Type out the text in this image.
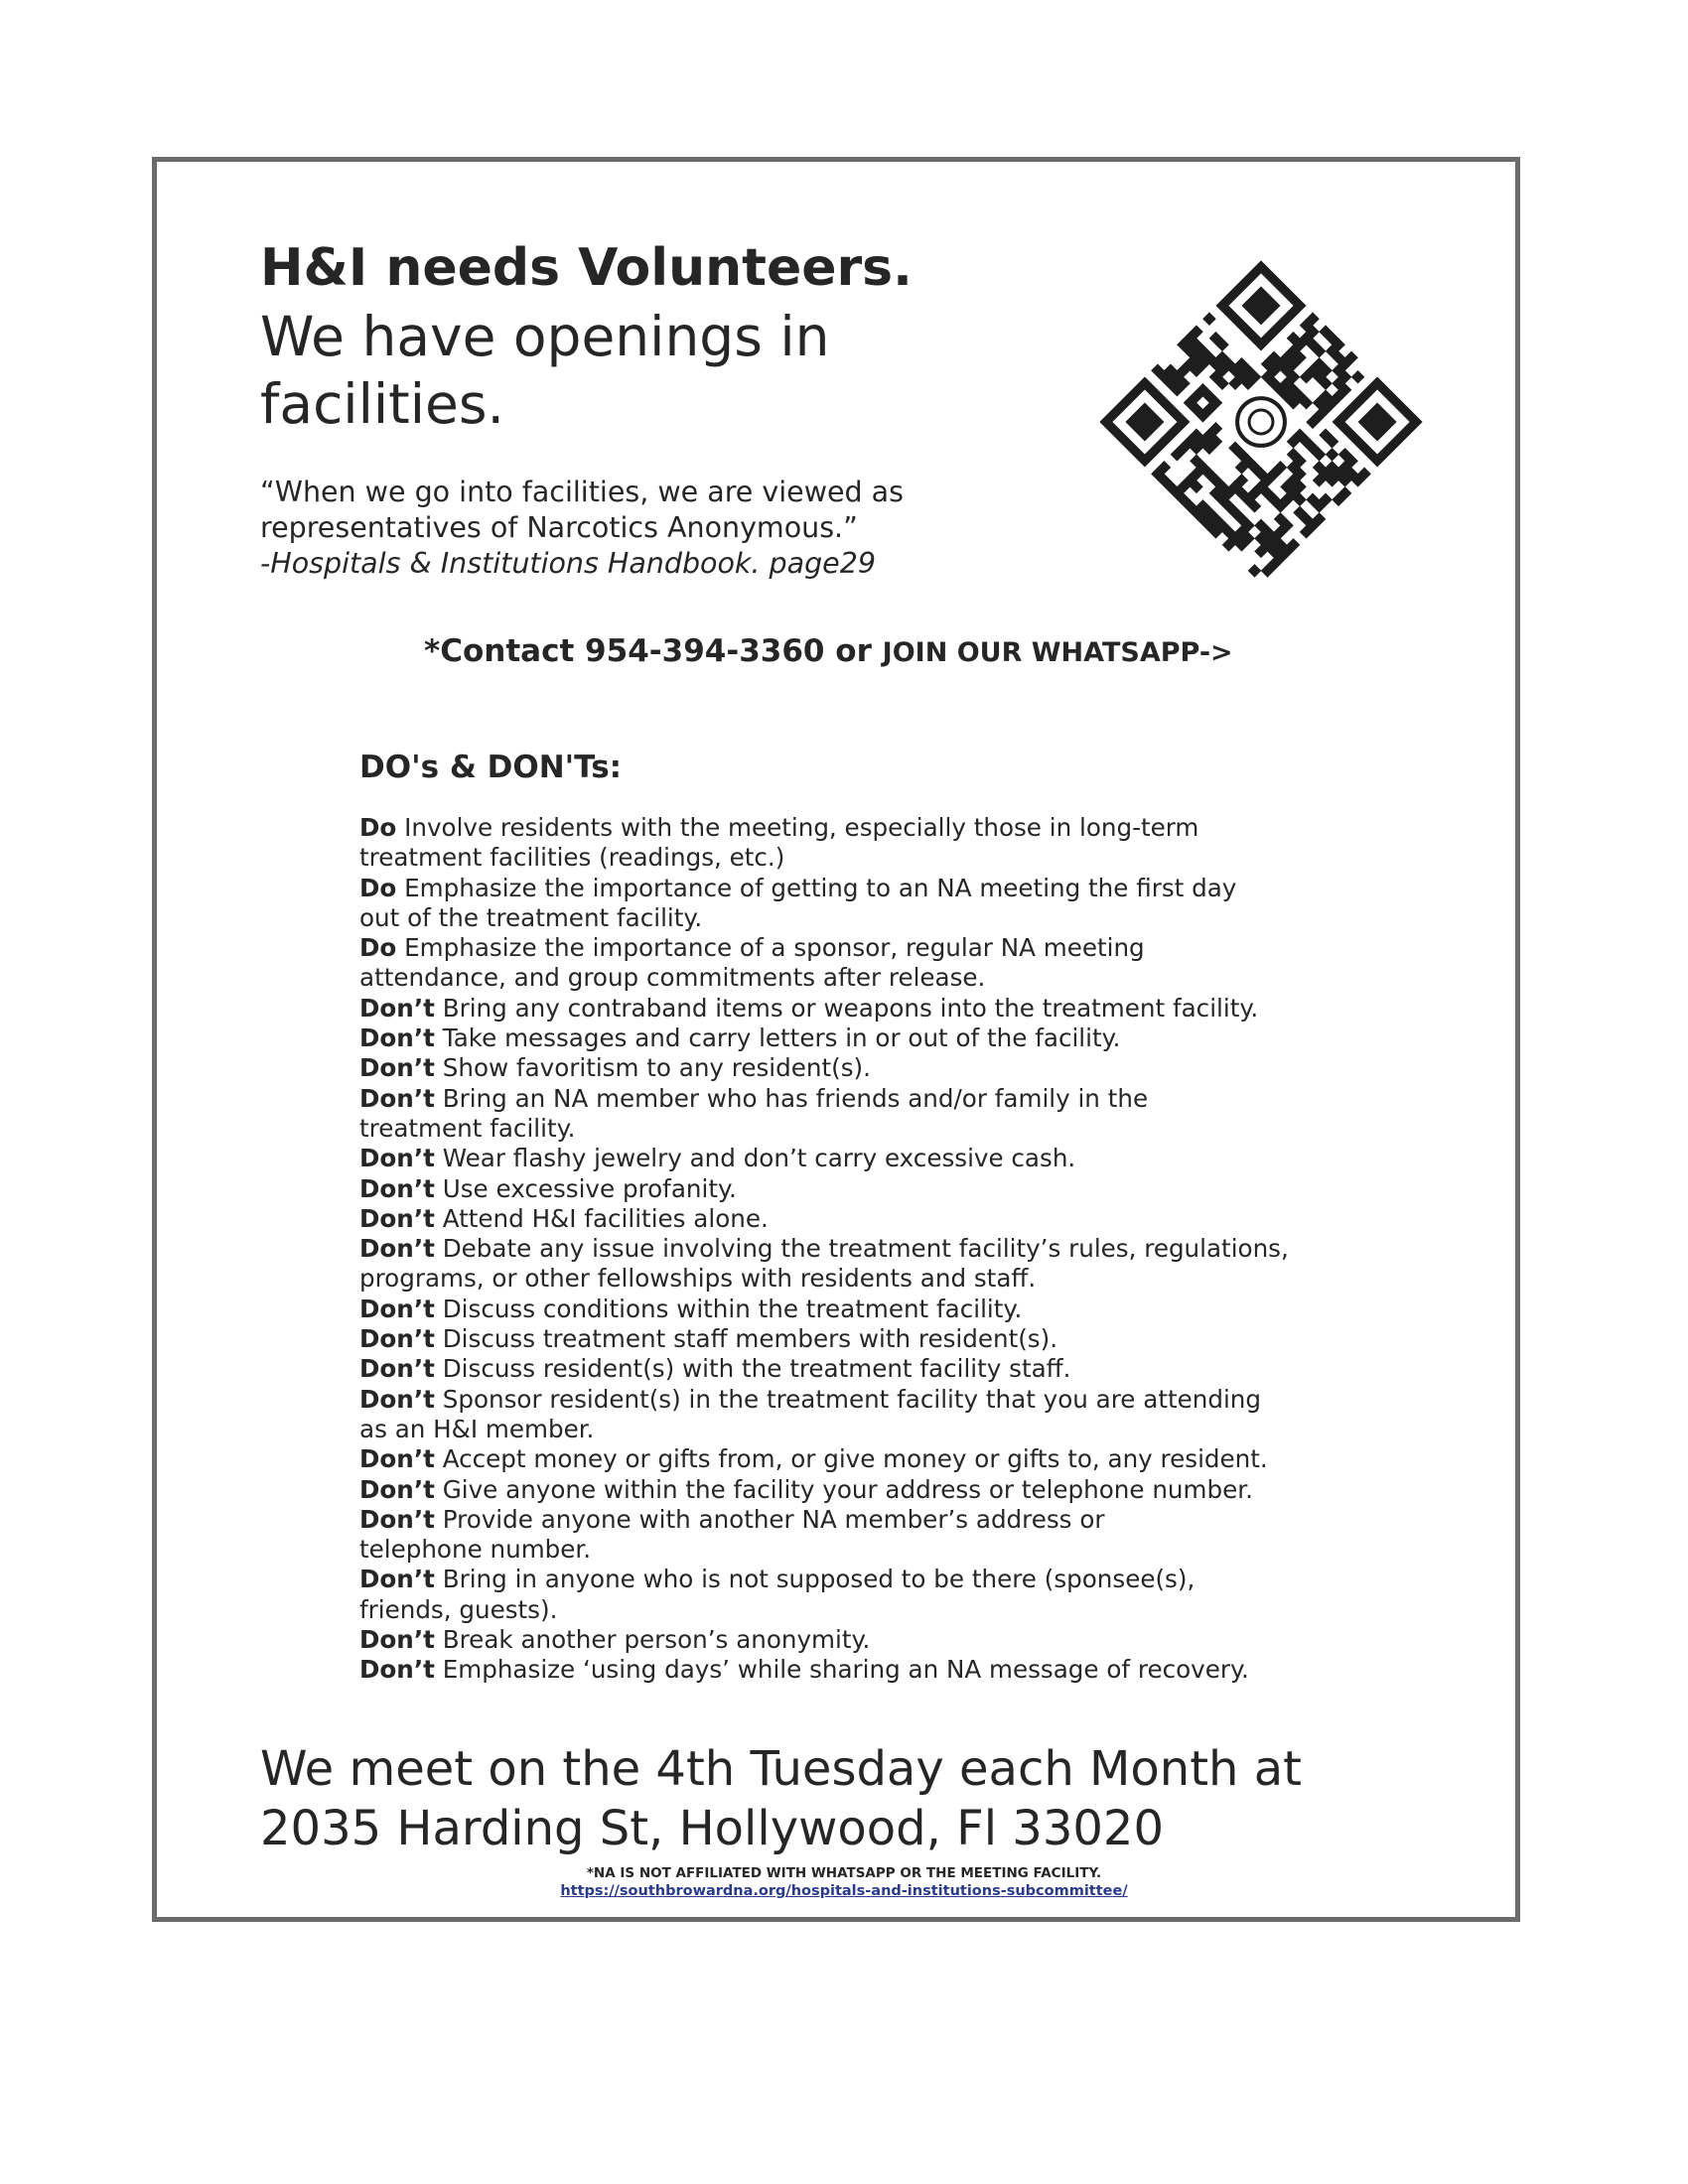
H&I needs Volunteers.
We have openings in facilities.
“When we go into facilities, we are viewed as
representatives of Narcotics Anonymous.”
-Hospitals & Institutions Handbook. page29
*Contact 954-394-3360 or JOIN OUR WHATSAPP->
DO's & DON'Ts:
Do Involve residents with the meeting, especially those in long-term
treatment facilities (readings, etc.)
Do Emphasize the importance of getting to an NA meeting the first day
out of the treatment facility.
Do Emphasize the importance of a sponsor, regular NA meeting
attendance, and group commitments after release.
Don’t Bring any contraband items or weapons into the treatment facility.
Don’t Take messages and carry letters in or out of the facility.
Don’t Show favoritism to any resident(s).
Don’t Bring an NA member who has friends and/or family in the
treatment facility.
Don’t Wear flashy jewelry and don’t carry excessive cash.
Don’t Use excessive profanity.
Don’t Attend H&I facilities alone.
Don’t Debate any issue involving the treatment facility’s rules, regulations,
programs, or other fellowships with residents and staff.
Don’t Discuss conditions within the treatment facility.
Don’t Discuss treatment staff members with resident(s).
Don’t Discuss resident(s) with the treatment facility staff.
Don’t Sponsor resident(s) in the treatment facility that you are attending
as an H&I member.
Don’t Accept money or gifts from, or give money or gifts to, any resident.
Don’t Give anyone within the facility your address or telephone number.
Don’t Provide anyone with another NA member’s address or
telephone number.
Don’t Bring in anyone who is not supposed to be there (sponsee(s),
friends, guests).
Don’t Break another person’s anonymity.
Don’t Emphasize ‘using days’ while sharing an NA message of recovery.
We meet on the 4th Tuesday each Month at
2035 Harding St, Hollywood, Fl 33020
*NA IS NOT AFFILIATED WITH WHATSAPP OR THE MEETING FACILITY.
https://southbrowardna.org/hospitals-and-institutions-subcommittee/
